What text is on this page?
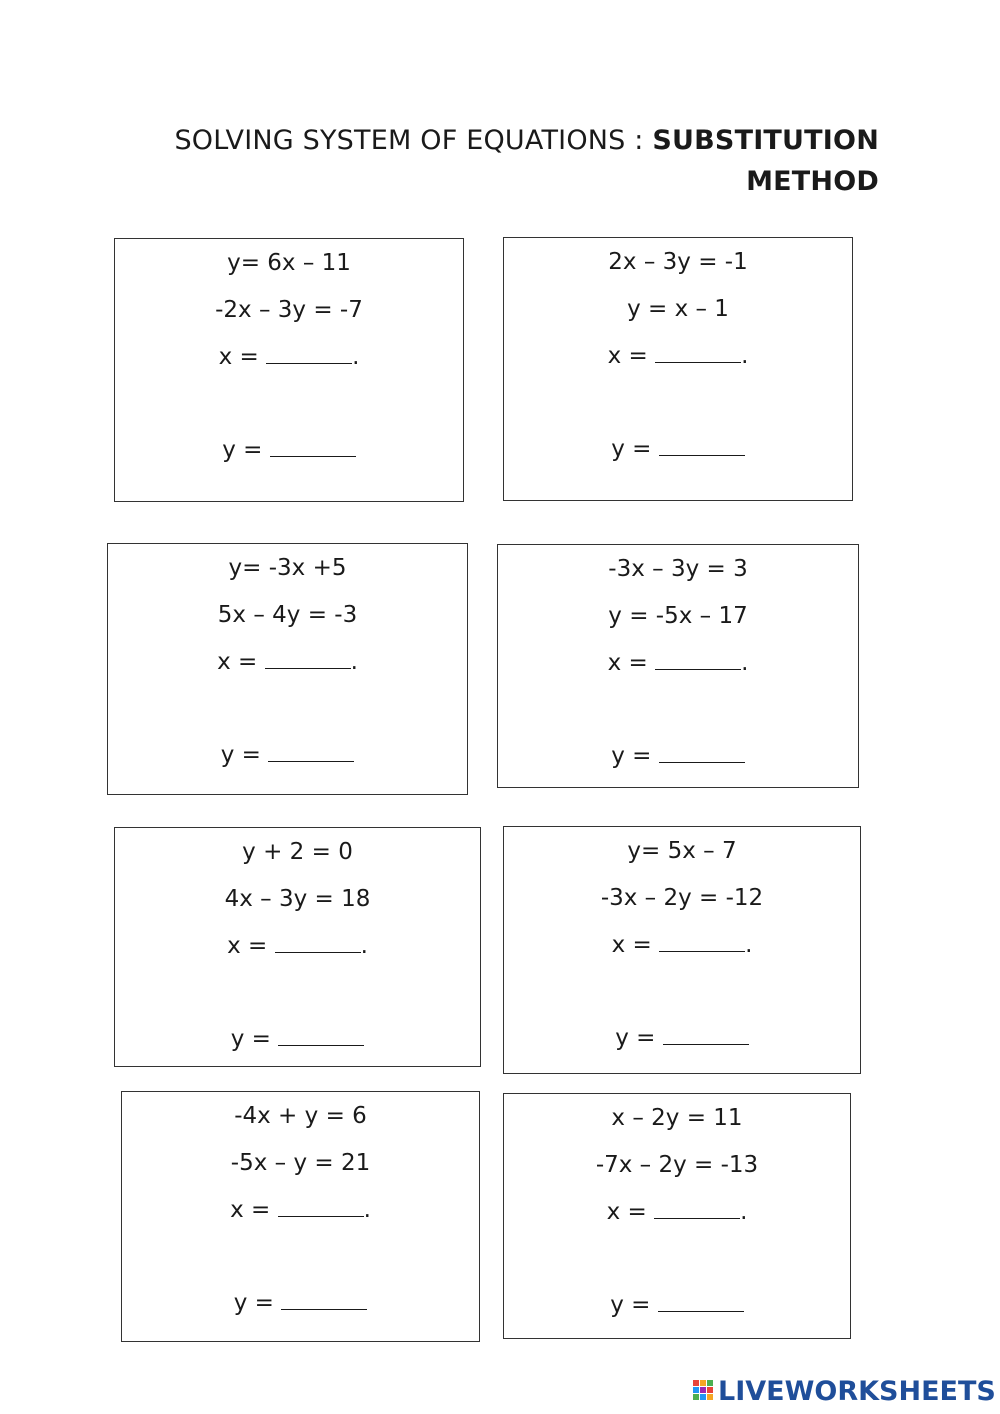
SOLVING SYSTEM OF EQUATIONS : SUBSTITUTION
METHOD
y= 6x – 11
-2x – 3y = -7
x =	.
y =
2x – 3y = -1
y = x – 1
x =	.
y =
y= -3x +5
5x – 4y = -3
x =	.
y =
-3x – 3y = 3
y = -5x – 17
x =	.
y =
y + 2 = 0
4x – 3y = 18
x =	.
y =
y= 5x – 7
-3x – 2y = -12
x =	.
y =
-4x + y = 6
-5x – y = 21
x =	.
y =
x – 2y = 11
-7x – 2y = -13
x =	.
y =
LIVEWORKSHEETS
